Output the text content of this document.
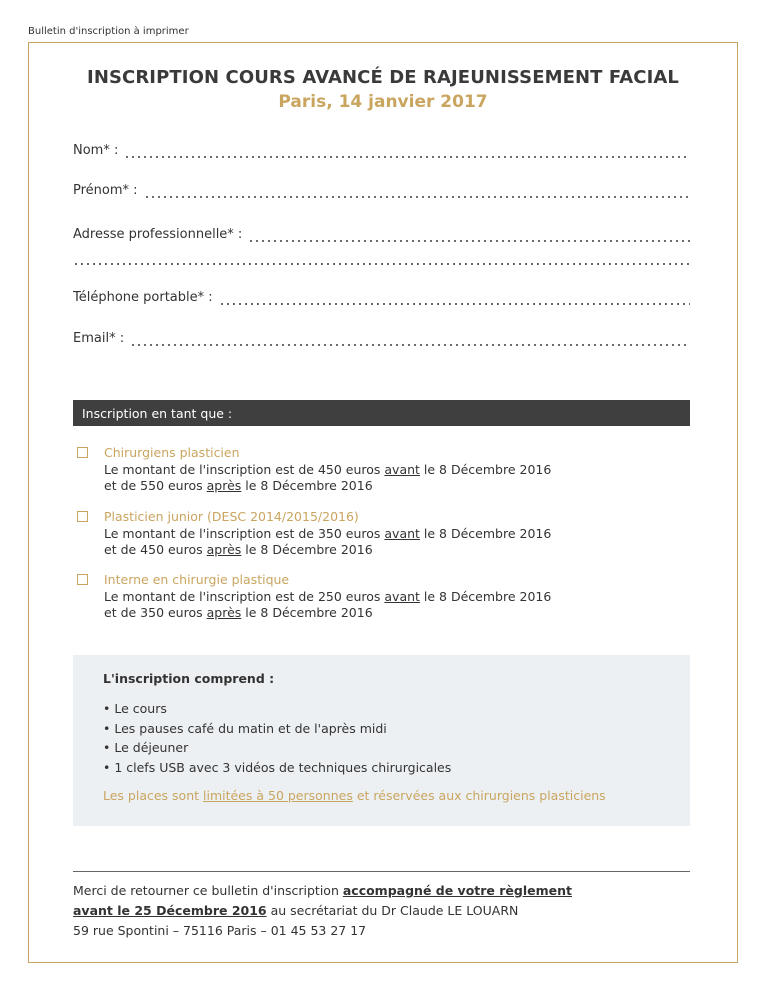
Bulletin d'inscription à imprimer
INSCRIPTION COURS AVANCÉ DE RAJEUNISSEMENT FACIAL
Paris, 14 janvier 2017
Nom* :
Prénom* :
Adresse professionnelle* :
Téléphone portable* :
Email* :
Inscription en tant que :
Chirurgiens plasticien
Le montant de l'inscription est de 450 euros avant le 8 Décembre 2016
et de 550 euros après le 8 Décembre 2016
Plasticien junior (DESC 2014/2015/2016)
Le montant de l'inscription est de 350 euros avant le 8 Décembre 2016
et de 450 euros après le 8 Décembre 2016
Interne en chirurgie plastique
Le montant de l'inscription est de 250 euros avant le 8 Décembre 2016
et de 350 euros après le 8 Décembre 2016
L'inscription comprend :
• Le cours
• Les pauses café du matin et de l'après midi
• Le déjeuner
• 1 clefs USB avec 3 vidéos de techniques chirurgicales
Les places sont limitées à 50 personnes et réservées aux chirurgiens plasticiens
Merci de retourner ce bulletin d'inscription accompagné de votre règlement
avant le 25 Décembre 2016 au secrétariat du Dr Claude LE LOUARN
59 rue Spontini – 75116 Paris – 01 45 53 27 17
